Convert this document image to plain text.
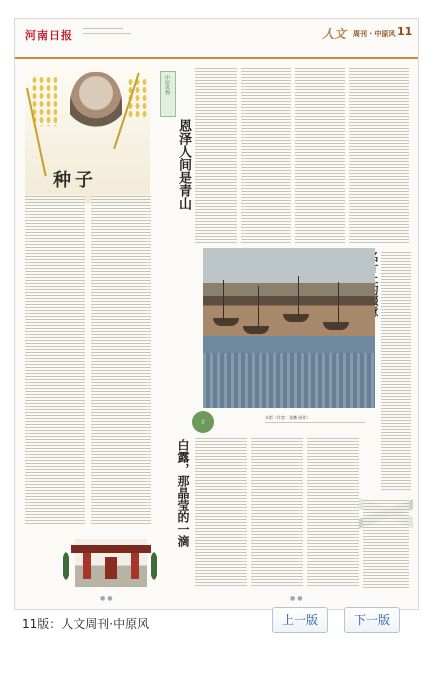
河南日报	人文 周刊 · 中原风 11
种子
中原风物
恩泽人间是青山
艺
水彩（作者：张鹏 画作）
白露，那晶莹的一滴
●●	●●
11版：人文周刊·中原风	上一版	下一版
